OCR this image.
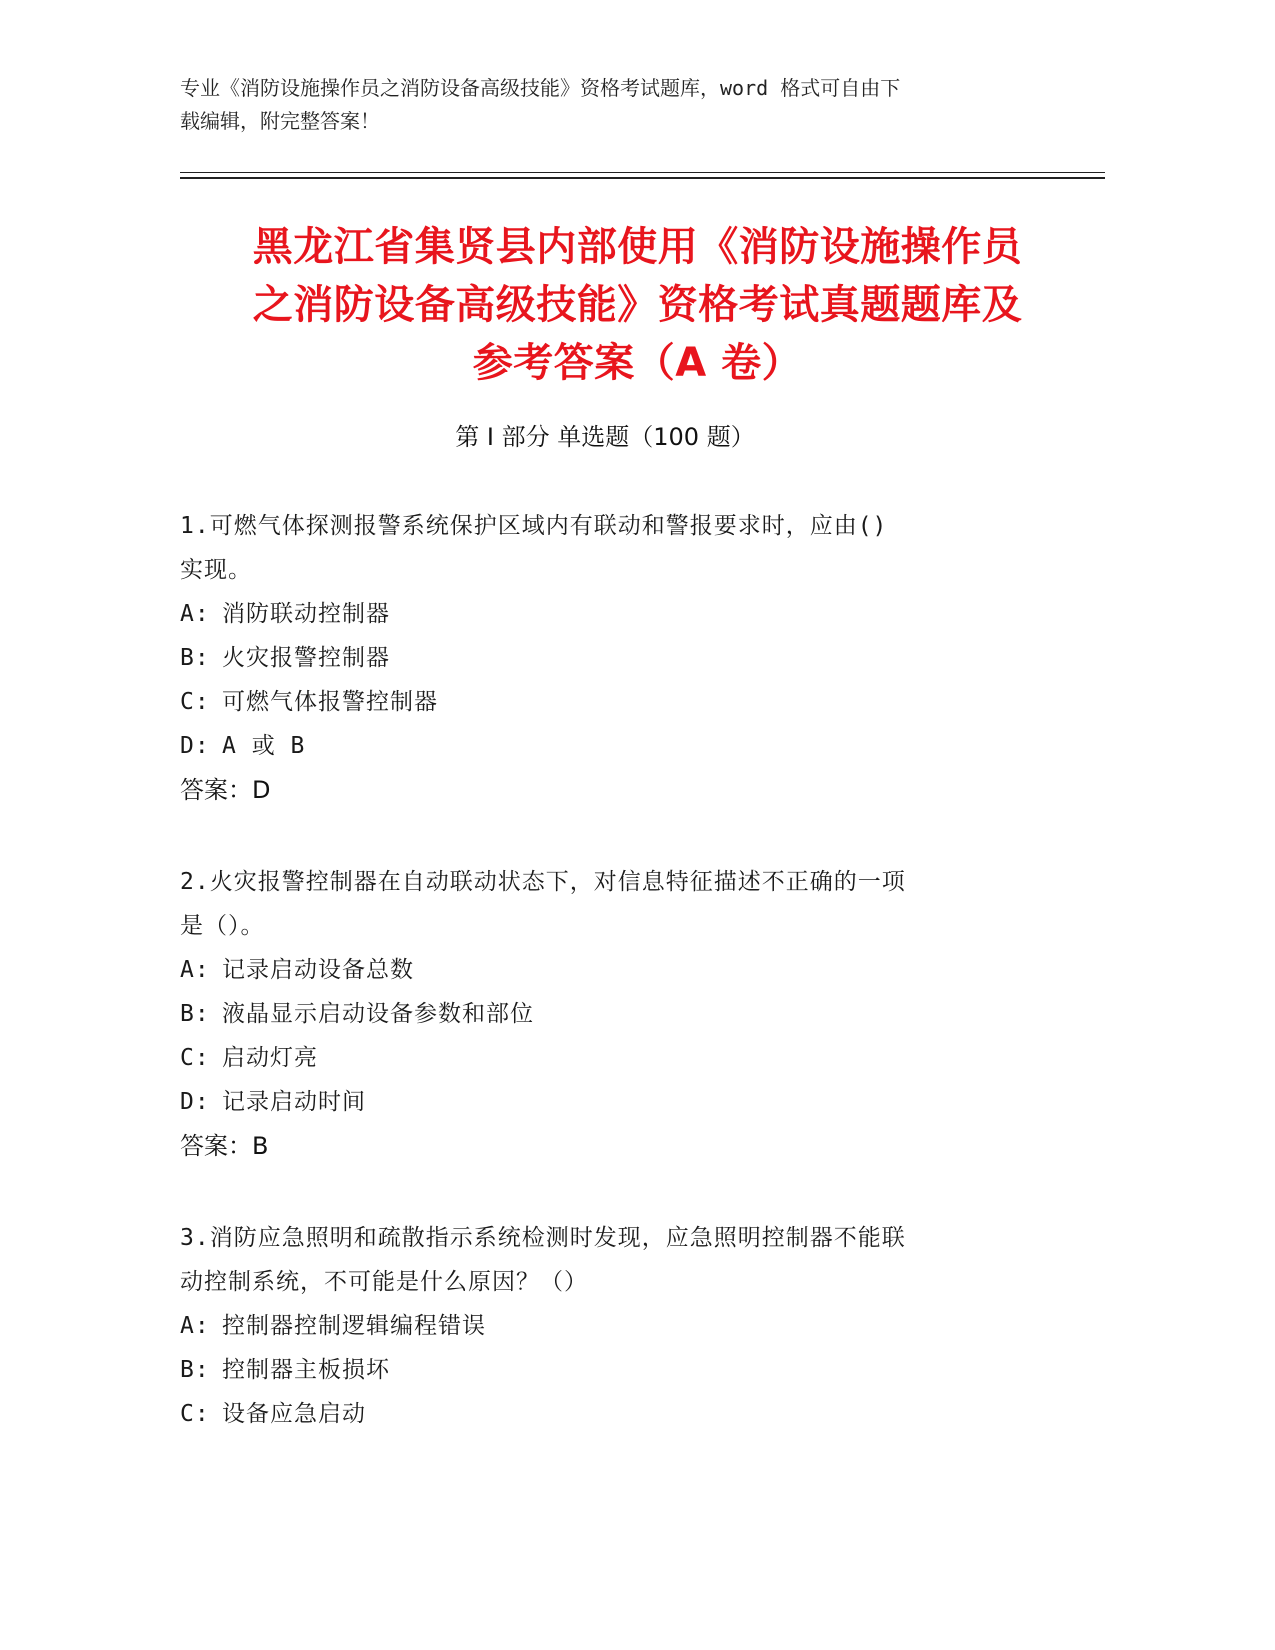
专业《消防设施操作员之消防设备高级技能》资格考试题库，word 格式可自由下
载编辑，附完整答案！
黑龙江省集贤县内部使用《消防设施操作员
之消防设备高级技能》资格考试真题题库及
参考答案（A 卷）
第 I 部分 单选题（100 题）
1.可燃气体探测报警系统保护区域内有联动和警报要求时，应由()
实现。
A: 消防联动控制器
B: 火灾报警控制器
C: 可燃气体报警控制器
D: A 或 B
答案：D
2.火灾报警控制器在自动联动状态下，对信息特征描述不正确的一项
是（）。
A: 记录启动设备总数
B: 液晶显示启动设备参数和部位
C: 启动灯亮
D: 记录启动时间
答案：B
3.消防应急照明和疏散指示系统检测时发现，应急照明控制器不能联
动控制系统，不可能是什么原因？（）
A: 控制器控制逻辑编程错误
B: 控制器主板损坏
C: 设备应急启动
